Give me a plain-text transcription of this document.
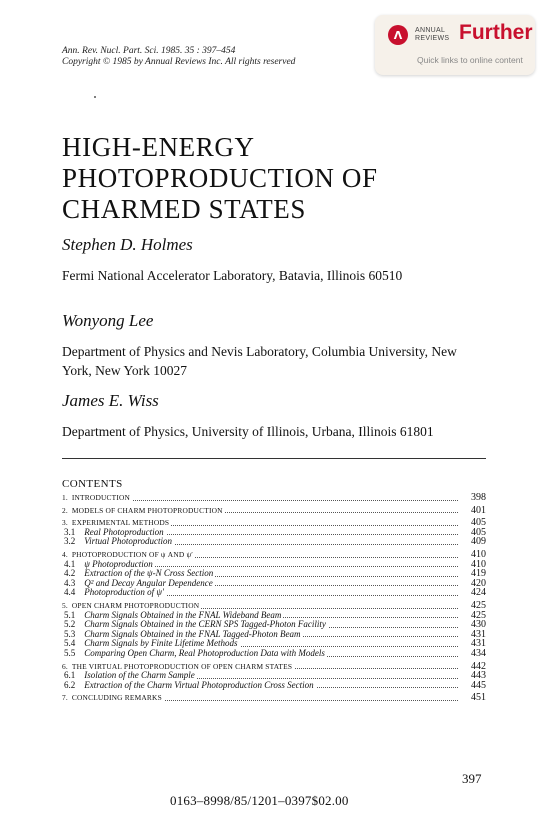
Ann. Rev. Nucl. Part. Sci. 1985. 35 : 397–454
Copyright © 1985 by Annual Reviews Inc. All rights reserved
Λ ANNUAL
REVIEWS Further
Quick links to online content
HIGH-ENERGY
PHOTOPRODUCTION OF
CHARMED STATES
Stephen D. Holmes
Fermi National Accelerator Laboratory, Batavia, Illinois 60510
Wonyong Lee
Department of Physics and Nevis Laboratory, Columbia University, New
York, New York 10027
James E. Wiss
Department of Physics, University of Illinois, Urbana, Illinois 61801
CONTENTS
1.  INTRODUCTION	398
2.  MODELS OF CHARM PHOTOPRODUCTION	401
3.  EXPERIMENTAL METHODS	405
3.1  Real Photoproduction	405
3.2  Virtual Photoproduction	409
4.  PHOTOPRODUCTION OF ψ AND ψ′	410
4.1  ψ Photoproduction	410
4.2  Extraction of the ψ-N Cross Section	419
4.3  Q² and Decay Angular Dependence	420
4.4  Photoproduction of ψ′	424
5.  OPEN CHARM PHOTOPRODUCTION	425
5.1  Charm Signals Obtained in the FNAL Wideband Beam	425
5.2  Charm Signals Obtained in the CERN SPS Tagged-Photon Facility	430
5.3  Charm Signals Obtained in the FNAL Tagged-Photon Beam	431
5.4  Charm Signals by Finite Lifetime Methods	431
5.5  Comparing Open Charm, Real Photoproduction Data with Models	434
6.  THE VIRTUAL PHOTOPRODUCTION OF OPEN CHARM STATES	442
6.1  Isolation of the Charm Sample	443
6.2  Extraction of the Charm Virtual Photoproduction Cross Section	445
7.  CONCLUDING REMARKS	451
397
0163–8998/85/1201–0397$02.00
